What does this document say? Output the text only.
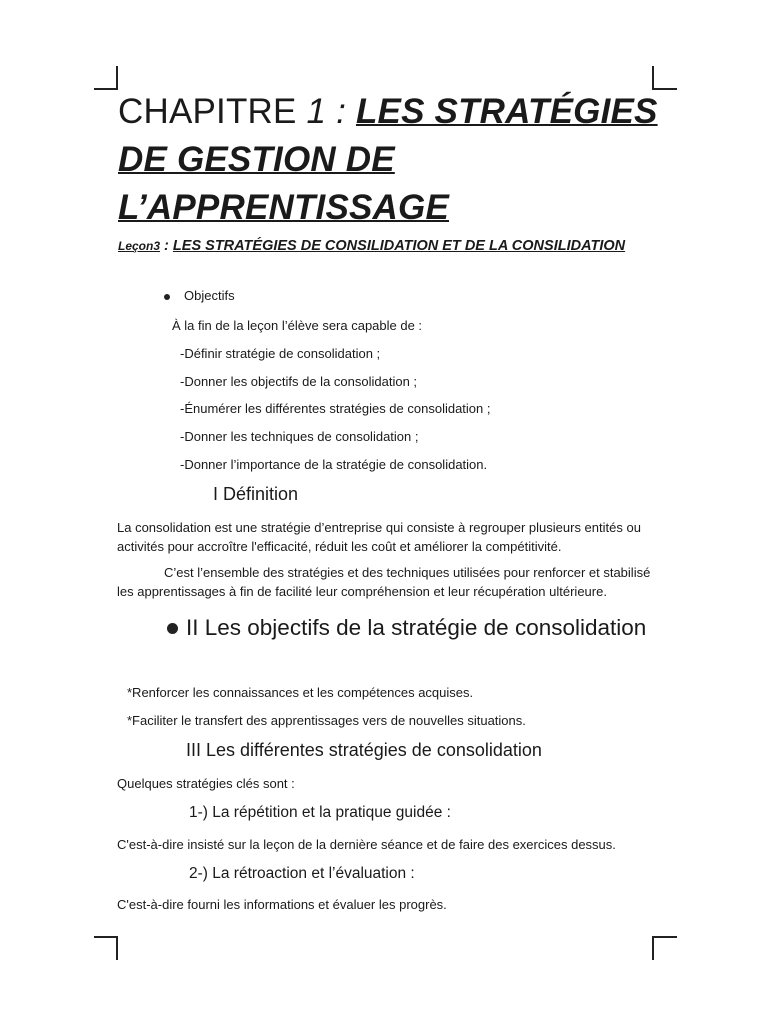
CHAPITRE 1 : LES STRATÉGIES DE GESTION DE L’APPRENTISSAGE
Leçon3 : LES STRATÉGIES DE CONSILIDATION ET DE LA CONSILIDATION
Objectifs
À la fin de la leçon l’élève sera capable de :
-Définir stratégie de consolidation ;
-Donner les objectifs de la consolidation ;
-Énumérer les différentes stratégies de consolidation ;
-Donner les techniques de consolidation ;
-Donner l’importance de la stratégie de consolidation.
I Définition
La consolidation est une stratégie d’entreprise qui consiste à regrouper plusieurs entités ou activités pour accroître l'efficacité, réduit les coût et améliorer la compétitivité.
C’est l’ensemble des stratégies et des techniques utilisées pour renforcer et stabilisé les apprentissages à fin de facilité leur compréhension et leur récupération ultérieure.
II Les objectifs de la stratégie de consolidation
*Renforcer les connaissances et les compétences acquises.
*Faciliter le transfert des apprentissages vers de nouvelles situations.
III Les différentes stratégies de consolidation
Quelques stratégies clés sont :
1-) La répétition et la pratique guidée :
C'est-à-dire insisté sur la leçon de la dernière séance et de faire des exercices dessus.
2-) La rétroaction et l’évaluation :
C'est-à-dire fourni les informations et évaluer les progrès.
